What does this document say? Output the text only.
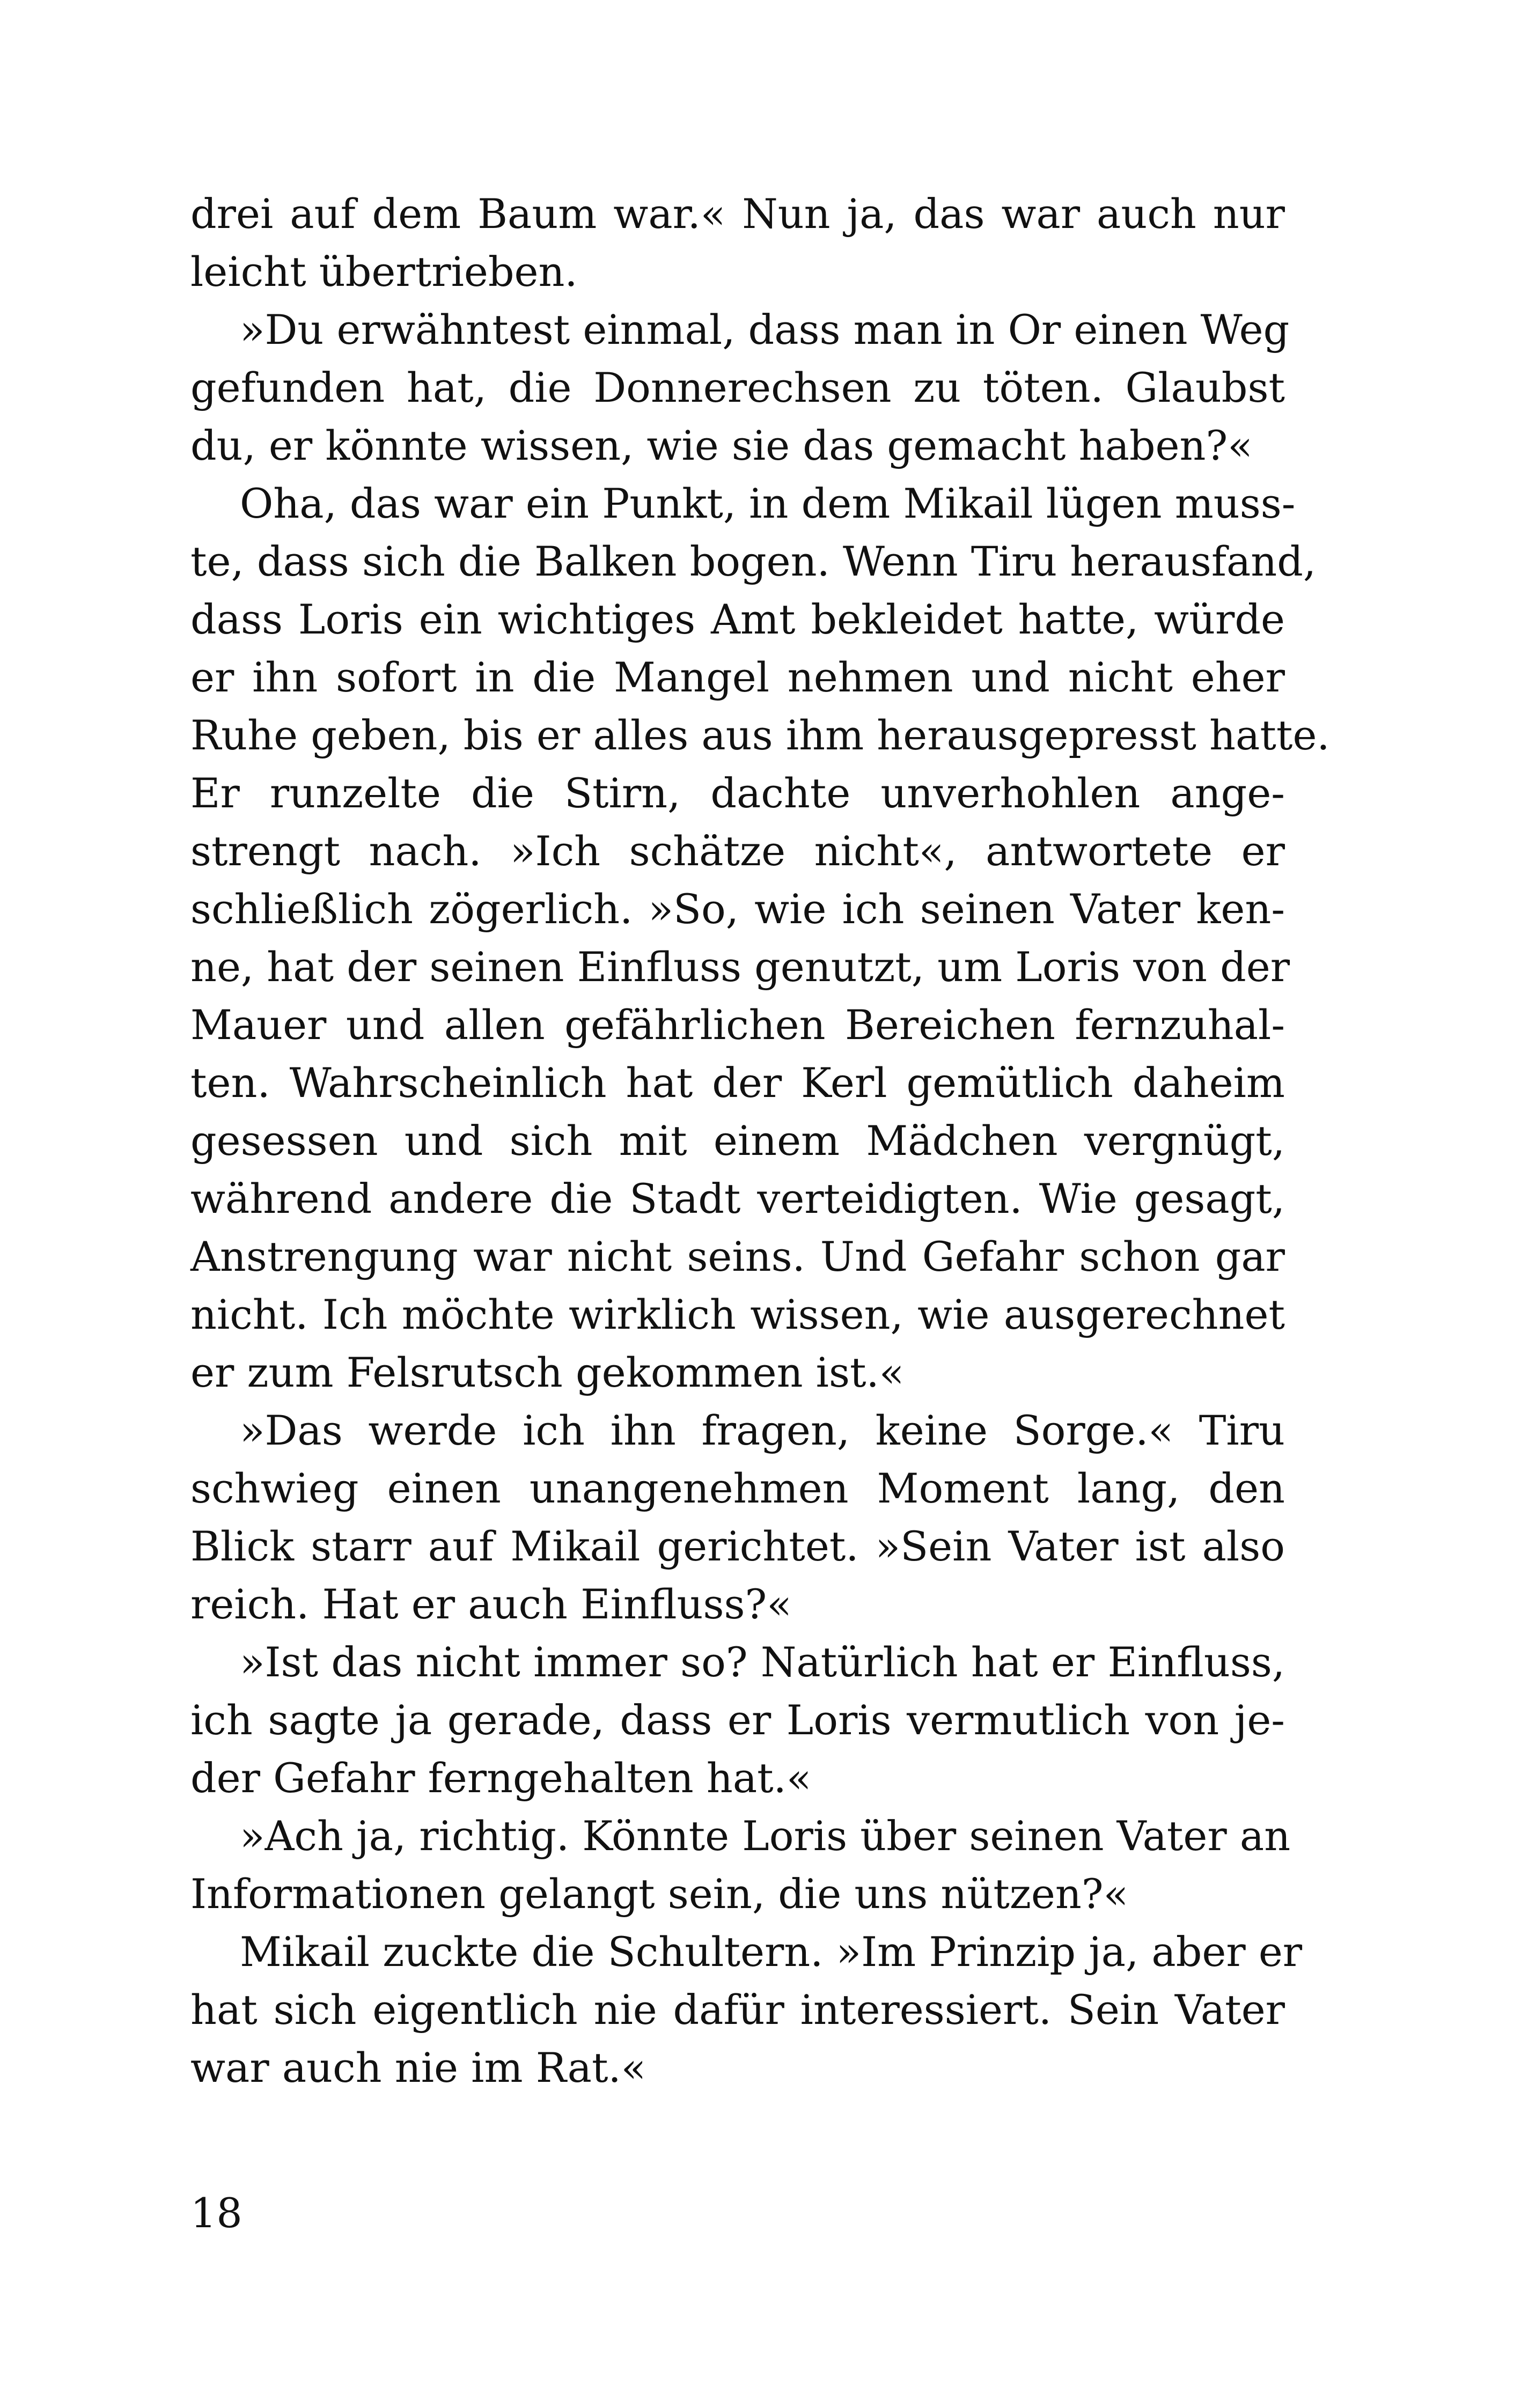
drei auf dem Baum war.« Nun ja, das war auch nur
leicht übertrieben.
»Du erwähntest einmal, dass man in Or einen Weg
gefunden hat, die Donnerechsen zu töten. Glaubst
du, er könnte wissen, wie sie das gemacht haben?«
Oha, das war ein Punkt, in dem Mikail lügen muss-
te, dass sich die Balken bogen. Wenn Tiru herausfand,
dass Loris ein wichtiges Amt bekleidet hatte, würde
er ihn sofort in die Mangel nehmen und nicht eher
Ruhe geben, bis er alles aus ihm herausgepresst hatte.
Er runzelte die Stirn, dachte unverhohlen ange-
strengt nach. »Ich schätze nicht«, antwortete er
schließlich zögerlich. »So, wie ich seinen Vater ken-
ne, hat der seinen Einfluss genutzt, um Loris von der
Mauer und allen gefährlichen Bereichen fernzuhal-
ten. Wahrscheinlich hat der Kerl gemütlich daheim
gesessen und sich mit einem Mädchen vergnügt,
während andere die Stadt verteidigten. Wie gesagt,
Anstrengung war nicht seins. Und Gefahr schon gar
nicht. Ich möchte wirklich wissen, wie ausgerechnet
er zum Felsrutsch gekommen ist.«
»Das werde ich ihn fragen, keine Sorge.« Tiru
schwieg einen unangenehmen Moment lang, den
Blick starr auf Mikail gerichtet. »Sein Vater ist also
reich. Hat er auch Einfluss?«
»Ist das nicht immer so? Natürlich hat er Einfluss,
ich sagte ja gerade, dass er Loris vermutlich von je-
der Gefahr ferngehalten hat.«
»Ach ja, richtig. Könnte Loris über seinen Vater an
Informationen gelangt sein, die uns nützen?«
Mikail zuckte die Schultern. »Im Prinzip ja, aber er
hat sich eigentlich nie dafür interessiert. Sein Vater
war auch nie im Rat.«
18
